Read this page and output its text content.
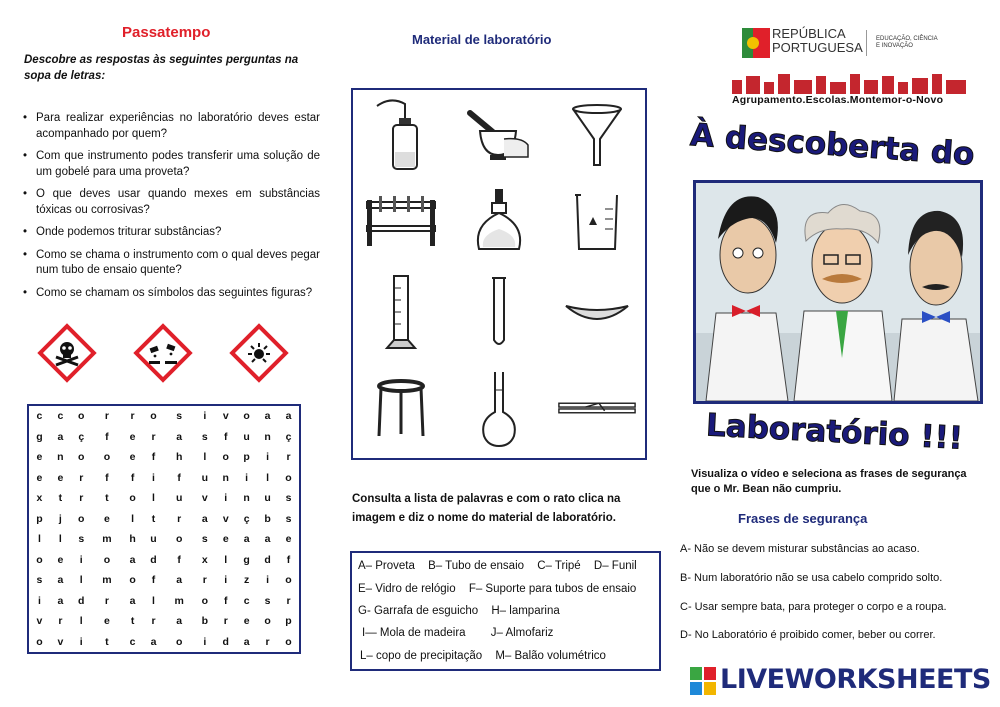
Passatempo
Descobre as respostas às seguintes perguntas na sopa de letras:
• Para realizar experiências no laboratório deves estar acompanhado por quem?
• Com que instrumento podes transferir uma solução de um gobelé para uma proveta?
• O que deves usar quando mexes em substâncias tóxicas ou corrosivas?
• Onde podemos triturar substâncias?
• Como se chama o instrumento com o qual deves pegar num tubo de ensaio quente?
• Como se chamam os símbolos das seguintes figuras?
c	c	o	r	r	o	s	i	v	o	a	a
g	a	ç	f	e	r	a	s	f	u	n	ç
e	n	o	o	e	f	h	l	o	p	i	r
e	e	r	f	f	i	f	u	n	i	l	o
x	t	r	t	o	l	u	v	i	n	u	s
p	j	o	e	l	t	r	a	v	ç	b	s
l	l	s	m	h	u	o	s	e	a	a	e
o	e	i	o	a	d	f	x	l	g	d	f
s	a	l	m	o	f	a	r	i	z	i	o
i	a	d	r	a	l	m	o	f	c	s	r
v	r	l	e	t	r	a	b	r	e	o	p
o	v	i	t	c	a	o	i	d	a	r	o
Material de laboratório
Consulta a lista de palavras e com o rato clica na imagem e diz o nome do material de laboratório.
A– Proveta B– Tubo de ensaio C– Tripé D– Funil
E– Vidro de relógio F– Suporte para tubos de ensaio
G- Garrafa de esguicho H– lamparina
I— Mola de madeira J– Almofariz
L– copo de precipitação M– Balão volumétrico
REPÚBLICA
PORTUGUESA
EDUCAÇÃO, CIÊNCIA
E INOVAÇÃO
Agrupamento.Escolas.Montemor-o-Novo
À descoberta do
Laboratório !!!
Visualiza o vídeo e seleciona as frases de segurança que o Mr. Bean não cumpriu.
Frases de segurança
A- Não se devem misturar substâncias ao acaso.
B- Num laboratório não se usa cabelo comprido solto.
C- Usar sempre bata, para proteger o corpo e a roupa.
D- No Laboratório é proibido comer, beber ou correr.
LIVEWORKSHEETS
